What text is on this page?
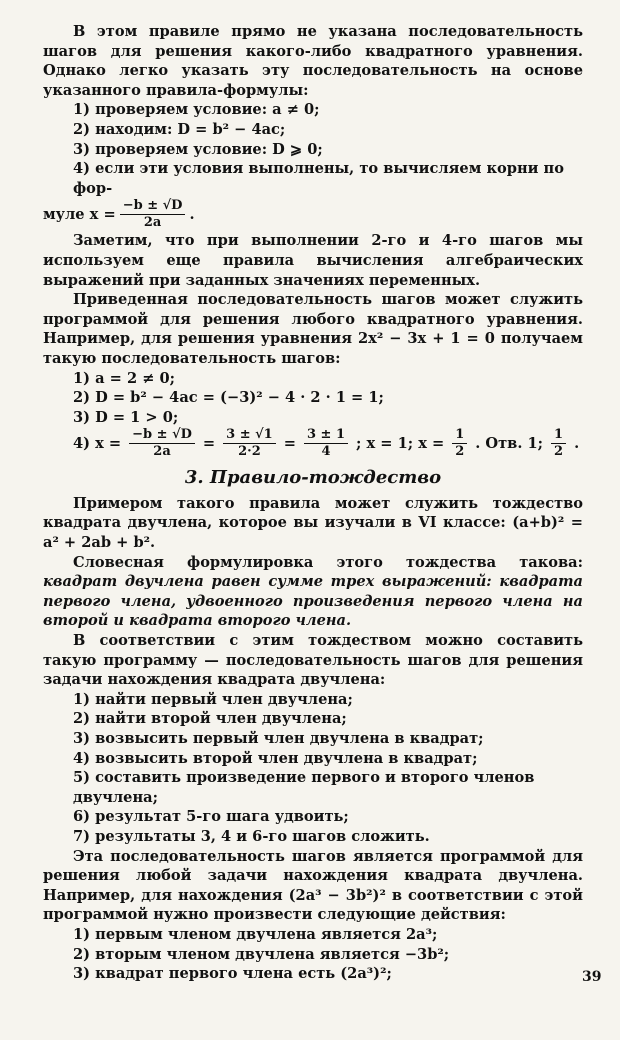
В этом правиле прямо не указана последовательность шагов для решения какого-либо квадратного уравнения. Однако легко указать эту последовательность на основе указанного правила-формулы:

1) проверяем условие: a ≠ 0;
2) находим: D = b² − 4ac;
3) проверяем условие: D ⩾ 0;
4) если эти условия выполнены, то вычисляем корни по фор-
муле $x = \frac{-b \pm √D}{2a}$ .

Заметим, что при выполнении 2-го и 4-го шагов мы используем еще правила вычисления алгебраических выражений при заданных значениях переменных.

Приведенная последовательность шагов может служить программой для решения любого квадратного уравнения. Например, для решения уравнения 2x² − 3x + 1 = 0 получаем такую последовательность шагов:

1) a = 2 ≠ 0;
2) D = b² − 4ac = (−3)² − 4 · 2 · 1 = 1;
3) D = 1 > 0;
4) $x = \frac{-b \pm √D}{2a} = \frac{3 \pm √1}{2\cdot 2} = \frac{3 \pm 1}{4}$ ; x = 1; $x = \frac{1}{2}$ . Отв. 1; $\frac{1}{2}$ .
3. Правило-тождество

Примером такого правила может служить тождество квадрата двучлена, которое вы изучали в VI классе: (a+b)² = a² + 2ab + b².

Словесная формулировка этого тождества такова: квадрат двучлена равен сумме трех выражений: квадрата первого члена, удвоенного произведения первого члена на второй и квадрата второго члена.

В соответствии с этим тождеством можно составить такую программу — последовательность шагов для решения задачи нахождения квадрата двучлена:

1) найти первый член двучлена;
2) найти второй член двучлена;
3) возвысить первый член двучлена в квадрат;
4) возвысить второй член двучлена в квадрат;
5) составить произведение первого и второго членов двучлена;
6) результат 5-го шага удвоить;
7) результаты 3, 4 и 6-го шагов сложить.

Эта последовательность шагов является программой для решения любой задачи нахождения квадрата двучлена. Например, для нахождения (2a³ − 3b²)² в соответствии с этой программой нужно произвести следующие действия:

1) первым членом двучлена является 2a³;
2) вторым членом двучлена является −3b²;
3) квадрат первого члена есть (2a³)²;	39
